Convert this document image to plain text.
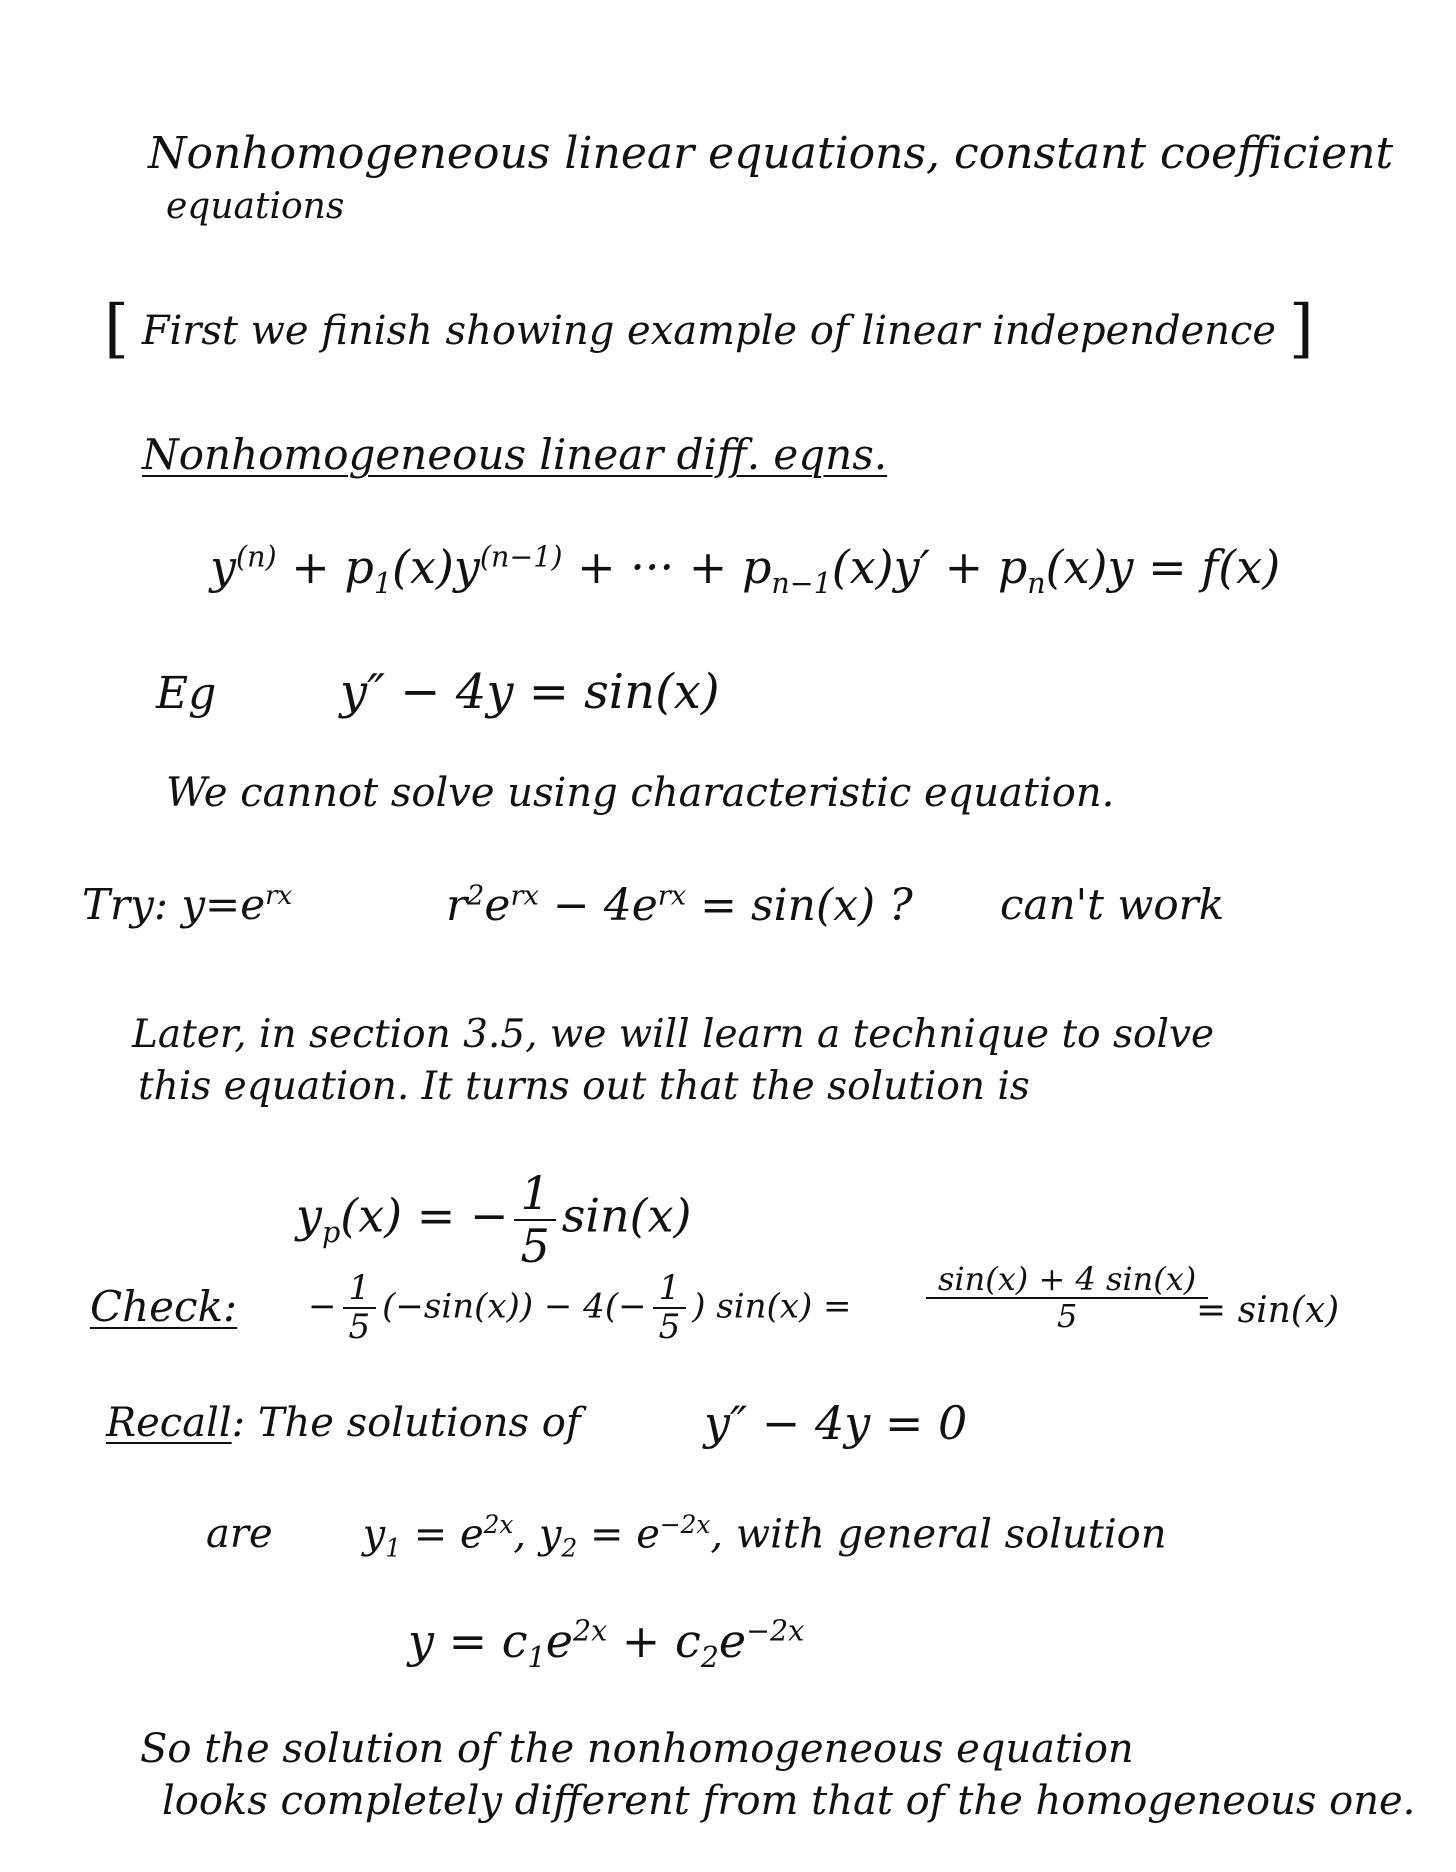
Nonhomogeneous linear equations, constant coefficient
equations
[ First we finish showing example of linear independence ]
Nonhomogeneous linear diff. eqns.
$y^{(n)} + p_1(x)y^{(n-1)}$ + ··· + $p_{n-1}(x)y' + p_n(x)y = f(x)$
Eg	y″ − 4y = sin(x)
We cannot solve using characteristic equation.
Try: $y=e^{rx}$	$r^2e^{rx} - 4e^{rx} = \sin(x)$ ? can't work
Later, in section 3.5, we will learn a technique to solve
this equation. It turns out that the solution is
$y_p(x)$ = − $\frac{1}{5} \sin(x)$
Check: − $\frac{1}{5} (-\sin(x)) - 4(- \frac{1}{5}$ ) $\sin(x) = \frac{\sin(x) + 4 \sin(x)}{5}$
= sin(x)
Recall: The solutions of	y″ − 4y = 0
are $y_1 = e^{2x}$, $y_2 = e^{-2x}$, with general solution
$y = c_1e^{2x} + c_2e^{-2x}$
So the solution of the nonhomogeneous equation
looks completely different from that of the homogeneous one.
